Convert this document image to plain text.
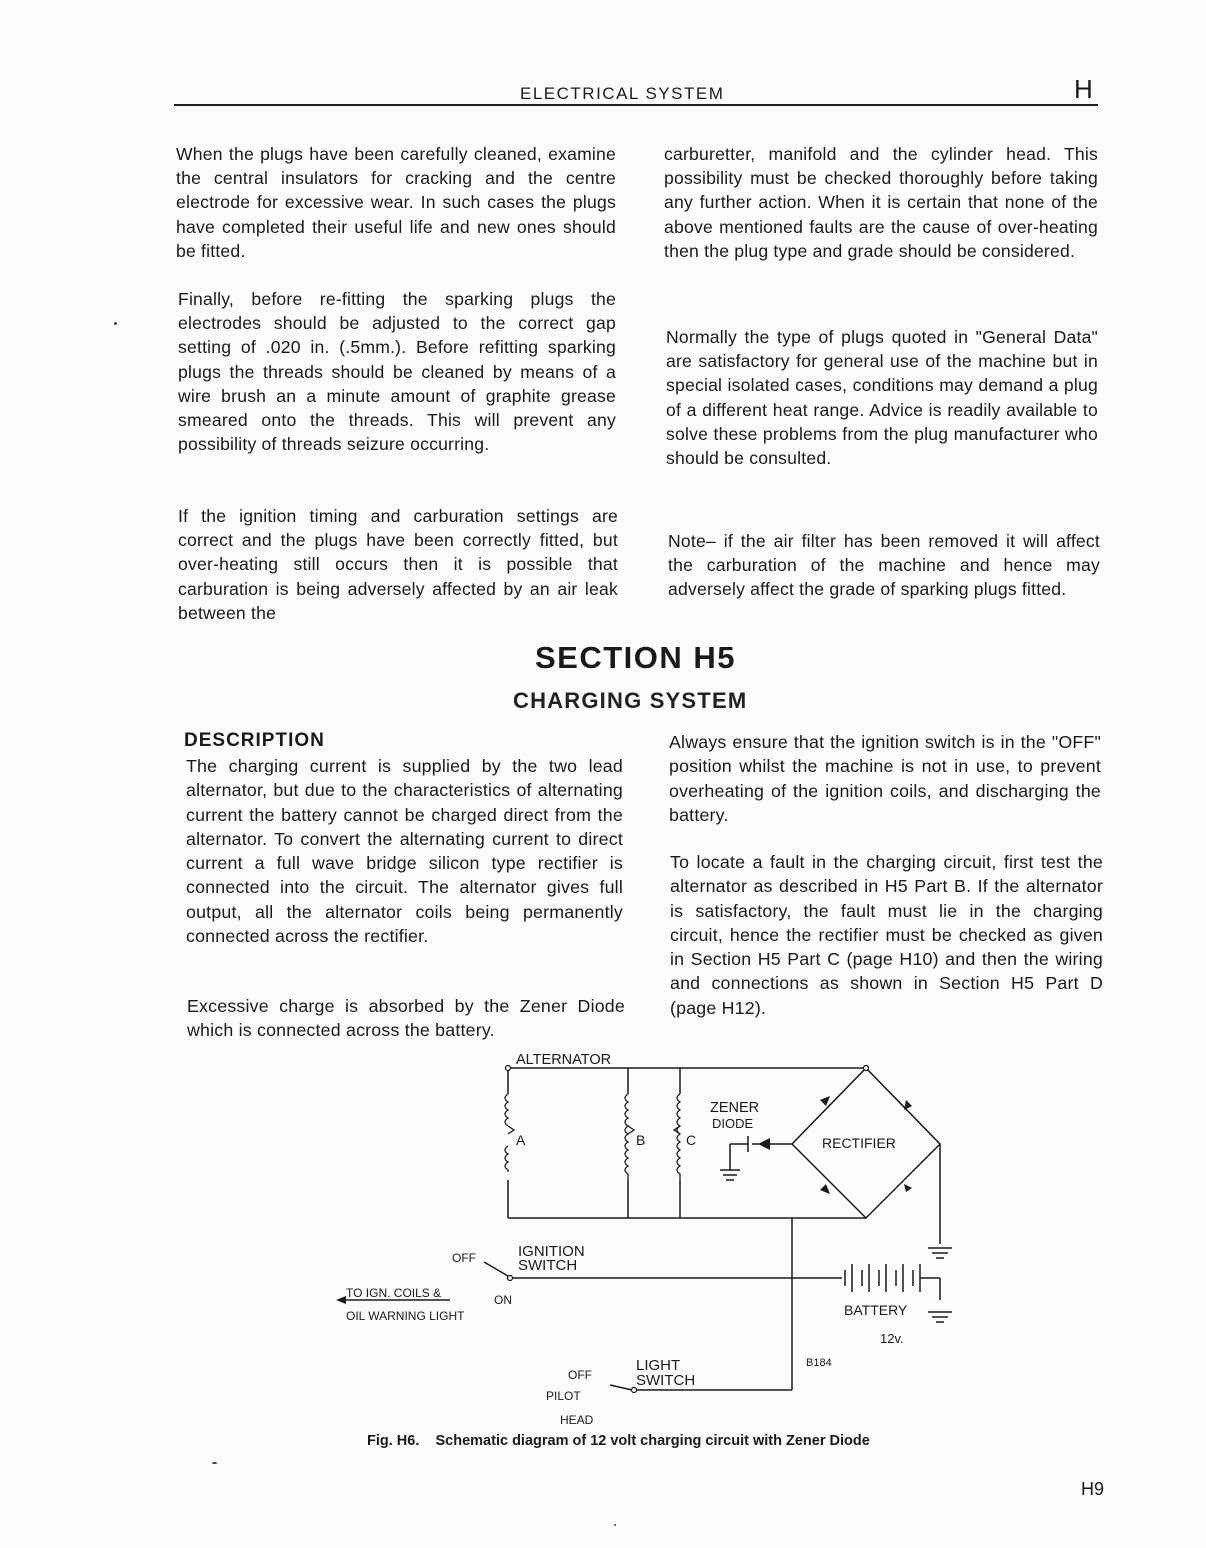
ELECTRICAL SYSTEM	H

When the plugs have been carefully cleaned, examine the central insulators for cracking and the centre electrode for excessive wear. In such cases the plugs have completed their useful life and new ones should be fitted.

Finally, before re-fitting the sparking plugs the electrodes should be adjusted to the correct gap setting of .020 in. (.5mm.). Before refitting sparking plugs the threads should be cleaned by means of a wire brush an a minute amount of graphite grease smeared onto the threads. This will prevent any possibility of threads seizure occurring.

If the ignition timing and carburation settings are correct and the plugs have been correctly fitted, but over-heating still occurs then it is possible that carburation is being adversely affected by an air leak between the

carburetter, manifold and the cylinder head. This possibility must be checked thoroughly before taking any further action. When it is certain that none of the above mentioned faults are the cause of over-heating then the plug type and grade should be considered.

Normally the type of plugs quoted in "General Data" are satisfactory for general use of the machine but in special isolated cases, conditions may demand a plug of a different heat range. Advice is readily available to solve these problems from the plug manufacturer who should be consulted.

Note– if the air filter has been removed it will affect the carburation of the machine and hence may adversely affect the grade of sparking plugs fitted.

SECTION H5
CHARGING SYSTEM
DESCRIPTION

The charging current is supplied by the two lead alternator, but due to the characteristics of alternating current the battery cannot be charged direct from the alternator. To convert the alternating current to direct current a full wave bridge silicon type rectifier is connected into the circuit. The alternator gives full output, all the alternator coils being permanently connected across the rectifier.

Excessive charge is absorbed by the Zener Diode which is connected across the battery.

Always ensure that the ignition switch is in the "OFF" position whilst the machine is not in use, to prevent overheating of the ignition coils, and discharging the battery.

To locate a fault in the charging circuit, first test the alternator as described in H5 Part B. If the alternator is satisfactory, the fault must lie in the charging circuit, hence the rectifier must be checked as given in Section H5 Part C (page H10) and then the wiring and connections as shown in Section H5 Part D (page H12).

ALTERNATOR
A	B	C
ZENER
DIODE
RECTIFIER
IGNITION
SWITCH
OFF
ON
TO IGN. COILS &
OIL WARNING LIGHT	BATTERY
12v.
B184
LIGHT
SWITCH
OFF
PILOT
HEAD
Fig. H6. Schematic diagram of 12 volt charging circuit with Zener Diode
H9
